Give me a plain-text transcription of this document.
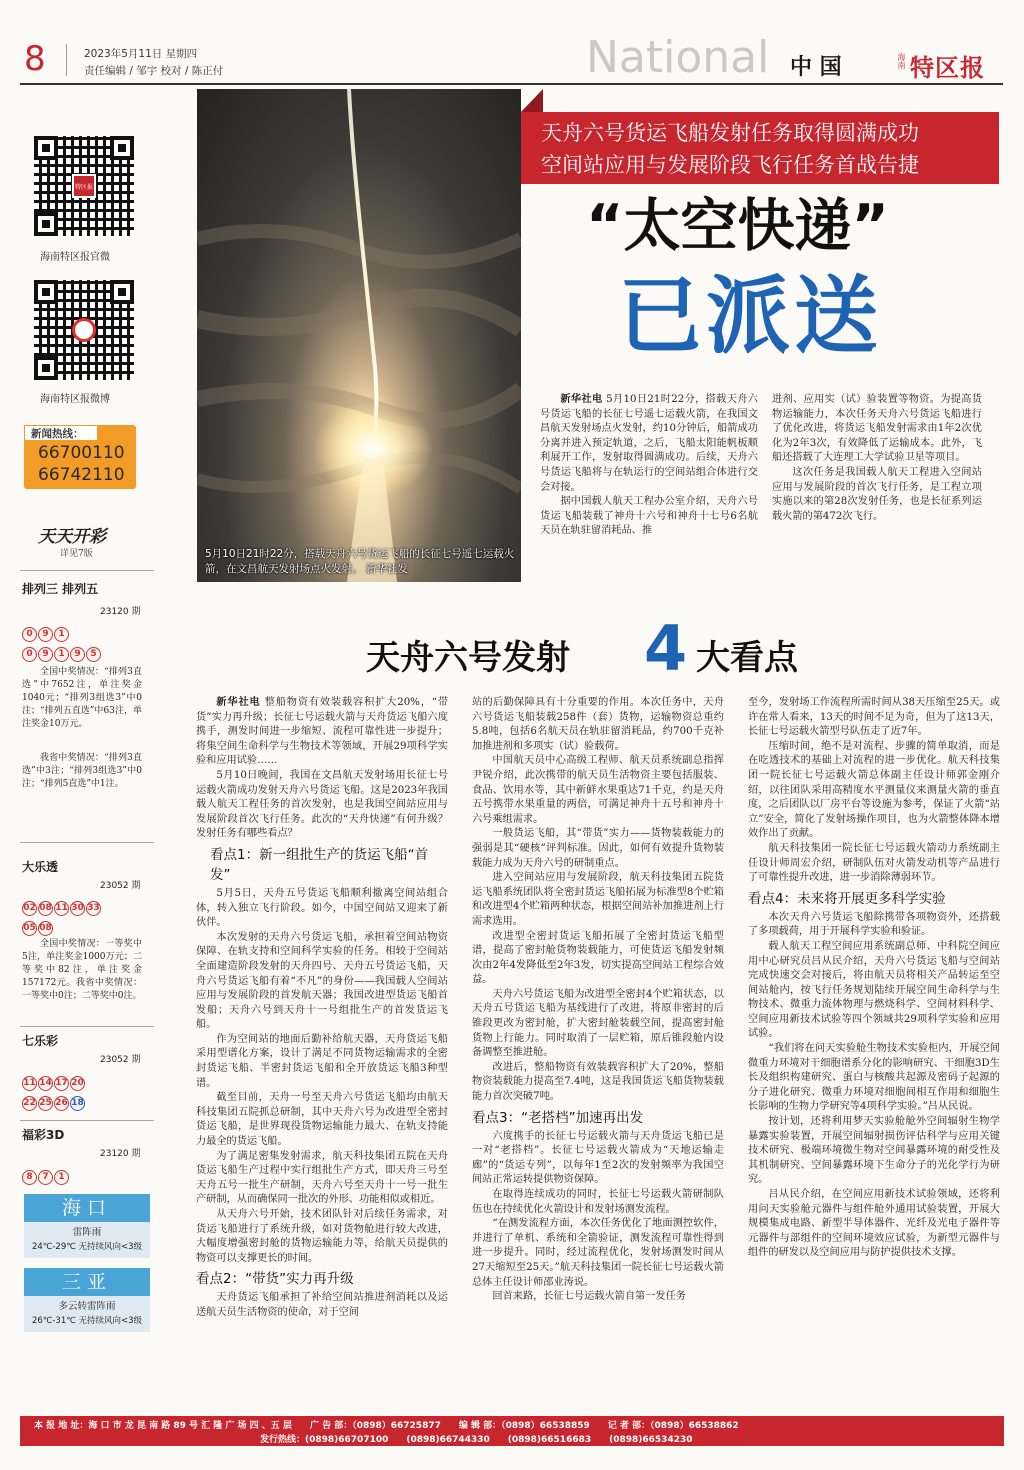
8	2023年5月11日 星期四
责任编辑 / 邹宇 校对 / 陈正付	National 中 国	海南 特区报
特区报
海南特区报官微
海南特区报微博
新闻热线：
66700110
66742110
天天开彩
详见7版
排列三 排列五
23120 期
0 9 1
0 9 1 9 5

全国中奖情况：“排列3直选”中7652注，单注奖金1040元；“排列3组选3”中0注；“排列五直选”中63注，单注奖金10万元。

我省中奖情况：“排列3直选”中3注；“排列3组选3”中0注；“排列5直选”中1注。

大乐透
23052 期
02 08 11 30 33
05 08

全国中奖情况：一等奖中5注，单注奖金1000万元；二等奖中82注，单注奖金157172元。我省中奖情况：一等奖中0注；二等奖中0注。

七乐彩
23052 期
11 14 17 20
22 25 26 18
福彩3D
23120 期
8 7 1
海口
雷阵雨
24℃-29℃ 无持续风向<3级
三亚
多云转雷阵雨
26℃-31℃ 无持续风向<3级
5月10日21时22分，搭载天舟六号货运飞船的长征七号遥七运载火箭，在文昌航天发射场点火发射。 新华社发
天舟六号货运飞船发射任务取得圆满成功
空间站应用与发展阶段飞行任务首战告捷
“太空快递”
已派送

新华社电 5月10日21时22分，搭载天舟六号货运飞船的长征七号遥七运载火箭，在我国文昌航天发射场点火发射，约10分钟后，船箭成功分离并进入预定轨道，之后，飞船太阳能帆板顺利展开工作，发射取得圆满成功。后续，天舟六号货运飞船将与在轨运行的空间站组合体进行交会对接。

据中国载人航天工程办公室介绍，天舟六号货运飞船装载了神舟十六号和神舟十七号6名航天员在轨驻留消耗品、推

进剂、应用实（试）验装置等物资。为提高货物运输能力，本次任务天舟六号货运飞船进行了优化改进，将货运飞船发射需求由1年2次优化为2年3次，有效降低了运输成本。此外，飞船还搭载了大连理工大学试验卫星等项目。

这次任务是我国载人航天工程进入空间站应用与发展阶段的首次飞行任务，是工程立项实施以来的第28次发射任务，也是长征系列运载火箭的第472次飞行。

天舟六号发射 4 大看点

新华社电 整船物资有效装载容积扩大20%，“带货”实力再升级；长征七号运载火箭与天舟货运飞船六度携手，测发时间进一步缩短、流程可靠性进一步提升；将集空间生命科学与生物技术等领域，开展29项科学实验和应用试验……

5月10日晚间，我国在文昌航天发射场用长征七号运载火箭成功发射天舟六号货运飞船。这是2023年我国载人航天工程任务的首次发射，也是我国空间站应用与发展阶段首次飞行任务。此次的“天舟快递”有何升级？发射任务有哪些看点？

看点1：新一组批生产的货运飞船“首发”

5月5日，天舟五号货运飞船顺利撤离空间站组合体，转入独立飞行阶段。如今，中国空间站又迎来了新伙伴。

本次发射的天舟六号货运飞船，承担着空间站物资保障、在轨支持和空间科学实验的任务。相较于空间站全面建造阶段发射的天舟四号、天舟五号货运飞船，天舟六号货运飞船有着“不凡”的身份——我国载人空间站应用与发展阶段的首发航天器；我国改进型货运飞船首发船；天舟六号到天舟十一号组批生产的首发货运飞船。

作为空间站的地面后勤补给航天器，天舟货运飞船采用型谱化方案，设计了满足不同货物运输需求的全密封货运飞船、半密封货运飞船和全开放货运飞船3种型谱。

截至目前，天舟一号至天舟六号货运飞船均由航天科技集团五院抓总研制，其中天舟六号为改进型全密封货运飞船，是世界现役货物运输能力最大、在轨支持能力最全的货运飞船。

为了满足密集发射需求，航天科技集团五院在天舟货运飞船生产过程中实行组批生产方式，即天舟三号至天舟五号一批生产研制，天舟六号至天舟十一号一批生产研制，从而确保同一批次的外形、功能相似或相近。

从天舟六号开始，技术团队针对后续任务需求，对货运飞船进行了系统升级，如对货物舱进行较大改进，大幅度增强密封舱的货物运输能力等，给航天员提供的物资可以支撑更长的时间。

看点2：“带货”实力再升级

天舟货运飞船承担了补给空间站推进剂消耗以及运送航天员生活物资的使命，对于空间

站的后勤保障具有十分重要的作用。本次任务中，天舟六号货运飞船装载258件（套）货物，运输物资总重约5.8吨，包括6名航天员在轨驻留消耗品，约700千克补加推进剂和多项实（试）验载荷。

中国航天员中心高级工程师、航天员系统副总指挥尹锐介绍，此次携带的航天员生活物资主要包括服装、食品、饮用水等，其中新鲜水果重达71千克，约是天舟五号携带水果重量的两倍，可满足神舟十五号和神舟十六号乘组需求。

一般货运飞船，其“带货”实力——货物装载能力的强弱是其“硬核”评判标准。因此，如何有效提升货物装载能力成为天舟六号的研制重点。

进入空间站应用与发展阶段，航天科技集团五院货运飞船系统团队将全密封货运飞船拓展为标准型8个贮箱和改进型4个贮箱两种状态，根据空间站补加推进剂上行需求选用。

改进型全密封货运飞船拓展了全密封货运飞船型谱，提高了密封舱货物装载能力，可使货运飞船发射频次由2年4发降低至2年3发，切实提高空间站工程综合效益。

天舟六号货运飞船为改进型全密封4个贮箱状态，以天舟五号货运飞船为基线进行了改进，将原非密封的后锥段更改为密封舱，扩大密封舱装载空间，提高密封舱货物上行能力。同时取消了一层贮箱，原后锥段舱内设备调整至推进舱。

改进后，整船物资有效装载容积扩大了20%，整船物资装载能力提高至7.4吨，这是我国货运飞船货物装载能力首次突破7吨。

看点3：“老搭档”加速再出发

六度携手的长征七号运载火箭与天舟货运飞船已是一对“老搭档”。长征七号运载火箭成为“天地运输走廊”的“货运专列”，以每年1至2次的发射频率为我国空间站正常运转提供物资保障。

在取得连续成功的同时，长征七号运载火箭研制队伍也在持续优化火箭设计和发射场测发流程。

“在测发流程方面，本次任务优化了地面测控软件，并进行了单机、系统和全箭验证，测发流程可靠性得到进一步提升。同时，经过流程优化，发射场测发时间从27天缩短至25天。”航天科技集团一院长征七号运载火箭总体主任设计师邵业涛说。

回首来路，长征七号运载火箭自第一发任务

至今，发射场工作流程所需时间从38天压缩至25天。或许在常人看来，13天的时间不足为奇，但为了这13天，长征七号运载火箭型号队伍走了近7年。

压缩时间，绝不是对流程、步骤的简单取消，而是在吃透技术的基础上对流程的进一步优化。航天科技集团一院长征七号运载火箭总体副主任设计师郭金刚介绍，以往团队采用高精度水平测量仪来测量火箭的垂直度，之后团队以厂房平台等设施为参考，保证了火箭“站立”安全，简化了发射场操作项目，也为火箭整体降本增效作出了贡献。

航天科技集团一院长征七号运载火箭动力系统副主任设计师周宏介绍，研制队伍对火箭发动机等产品进行了可靠性提升改进，进一步消除薄弱环节。

看点4：未来将开展更多科学实验

本次天舟六号货运飞船除携带各项物资外，还搭载了多项载荷，用于开展科学实验和验证。

载人航天工程空间应用系统副总师、中科院空间应用中心研究员吕从民介绍，天舟六号货运飞船与空间站完成快速交会对接后，将由航天员将相关产品转运至空间站舱内，按飞行任务规划陆续开展空间生命科学与生物技术、微重力流体物理与燃烧科学、空间材料科学、空间应用新技术试验等四个领域共29项科学实验和应用试验。

“我们将在问天实验舱生物技术实验柜内，开展空间微重力环境对干细胞谱系分化的影响研究、干细胞3D生长及组织构建研究、蛋白与核酸共起源及密码子起源的分子进化研究、微重力环境对细胞间相互作用和细胞生长影响的生物力学研究等4项科学实验。”吕从民说。

按计划，还将利用梦天实验舱舱外空间辐射生物学暴露实验装置，开展空间辐射损伤评估科学与应用关键技术研究、极端环境微生物对空间暴露环境的耐受性及其机制研究、空间暴露环境下生命分子的光化学行为研究。

吕从民介绍，在空间应用新技术试验领域，还将利用问天实验舱元器件与组件舱外通用试验装置，开展大规模集成电路、新型半导体器件、光纤及光电子器件等元器件与部组件的空间环境效应试验，为新型元器件与组件的研发以及空间应用与防护提供技术支撑。

本 报 地 址：海 口 市 龙 昆 南 路 89 号 汇 隆 广 场 四 、五 层 广 告 部：（0898）66725877 编 辑 部：（0898）66538859 记 者 部：（0898）66538862
发行热线：(0898)66707100　　(0898)66744330　　(0898)66516683　　(0898)66534230
